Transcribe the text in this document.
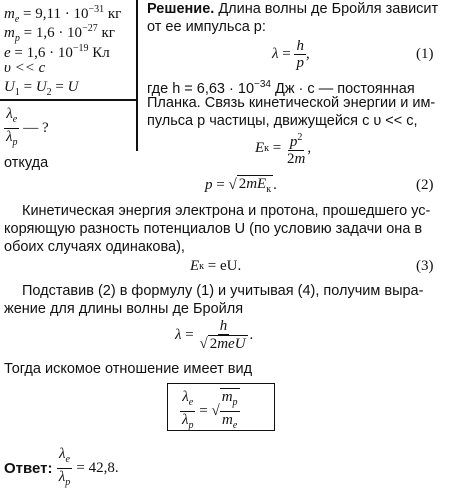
$m_e = 9,11 \cdot 10^{-31}$ кг
$m_p = 1,6 \cdot 10^{-27}$ кг
$e = 1,6 \cdot 10^{-19}$ Кл
υ << c
$U_1 = U_2 = U$
$\frac{\lambda_e}{\lambda_p}$ — ?
Решение. Длина волны де Бройля зависит
от ее импульса p:
$\lambda = \frac{h}{p}$ ,	(1)
где $h = 6,63 \cdot 10^{-34}$ Дж · с — постоянная
Планка. Связь кинетической энергии и им-
пульса p частицы, движущейся с υ << c,
E $к = \frac{p^2}{2m}$ ,
откуда
p = √ $2mE_к$ .	(2)
Кинетическая энергия электрона и протона, прошедшего ус-
коряющую разность потенциалов U (по условию задачи она в
обоих случаях одинакова),
E к
= eU.	(3)
Подставив (2) в формулу (1) и учитывая (4), получим выра-
жение для длины волны де Бройля
$\lambda = \frac{h}{\text{√ 2meU}}$ .
Тогда искомое отношение имеет вид
$\frac{\lambda_e}{\lambda_p}$ = √ $\frac{m_p}{m_e}$
Ответ:
$\frac{\lambda_e}{\lambda_p}$
= 42,8.
